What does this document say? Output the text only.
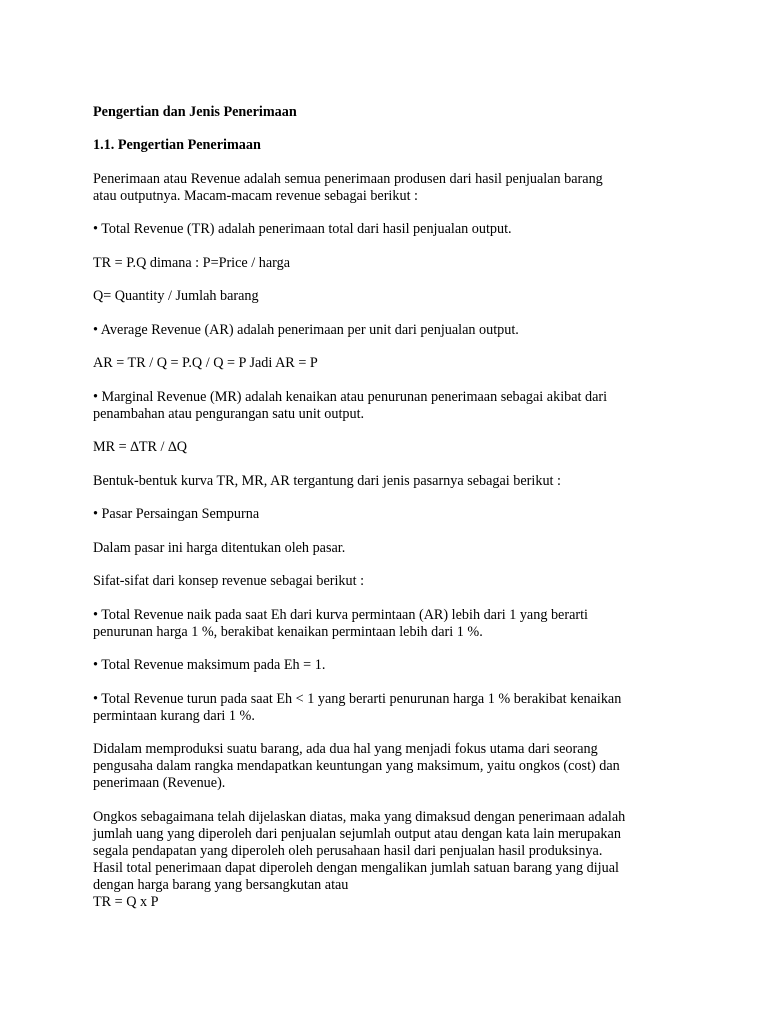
Pengertian dan Jenis Penerimaan

1.1. Pengertian Penerimaan

Penerimaan atau Revenue adalah semua penerimaan produsen dari hasil penjualan barang
atau outputnya. Macam-macam revenue sebagai berikut :

• Total Revenue (TR) adalah penerimaan total dari hasil penjualan output.

TR = P.Q dimana : P=Price / harga

Q= Quantity / Jumlah barang

• Average Revenue (AR) adalah penerimaan per unit dari penjualan output.

AR = TR / Q = P.Q / Q = P Jadi AR = P

• Marginal Revenue (MR) adalah kenaikan atau penurunan penerimaan sebagai akibat dari
penambahan atau pengurangan satu unit output.

MR = ∆TR / ∆Q

Bentuk-bentuk kurva TR, MR, AR tergantung dari jenis pasarnya sebagai berikut :

• Pasar Persaingan Sempurna

Dalam pasar ini harga ditentukan oleh pasar.

Sifat-sifat dari konsep revenue sebagai berikut :

• Total Revenue naik pada saat Eh dari kurva permintaan (AR) lebih dari 1 yang berarti
penurunan harga 1 %, berakibat kenaikan permintaan lebih dari 1 %.

• Total Revenue maksimum pada Eh = 1.

• Total Revenue turun pada saat Eh < 1 yang berarti penurunan harga 1 % berakibat kenaikan
permintaan kurang dari 1 %.

Didalam memproduksi suatu barang, ada dua hal yang menjadi fokus utama dari seorang
pengusaha dalam rangka mendapatkan keuntungan yang maksimum, yaitu ongkos (cost) dan
penerimaan (Revenue).

Ongkos sebagaimana telah dijelaskan diatas, maka yang dimaksud dengan penerimaan adalah
jumlah uang yang diperoleh dari penjualan sejumlah output atau dengan kata lain merupakan
segala pendapatan yang diperoleh oleh perusahaan hasil dari penjualan hasil produksinya.
Hasil total penerimaan dapat diperoleh dengan mengalikan jumlah satuan barang yang dijual
dengan harga barang yang bersangkutan atau
TR = Q x P
